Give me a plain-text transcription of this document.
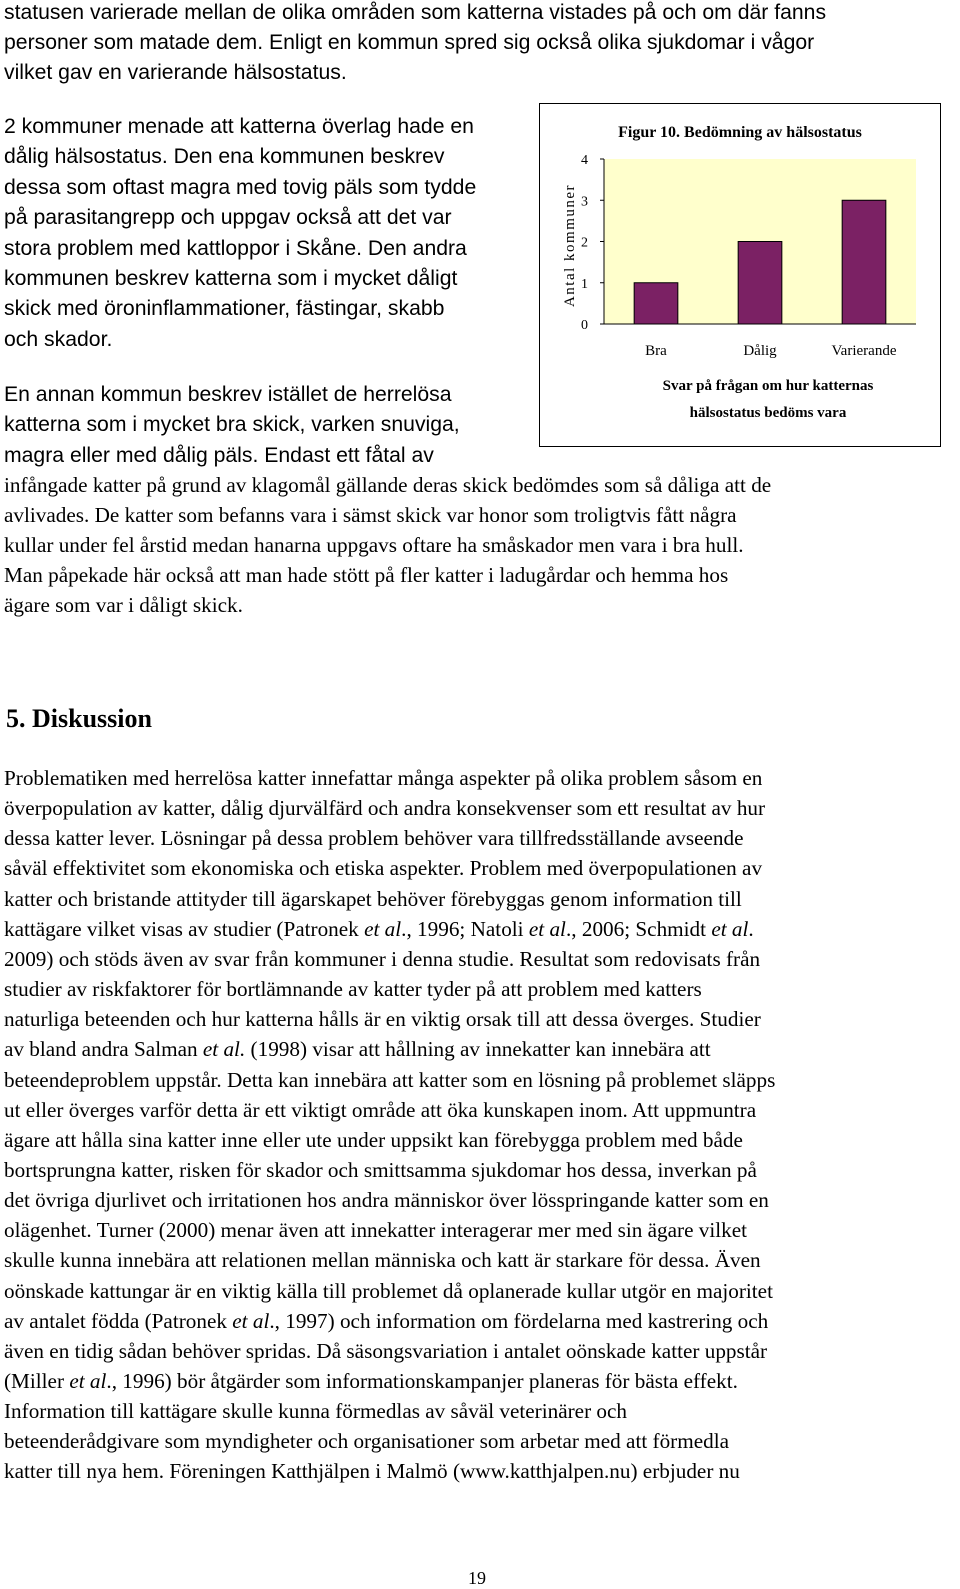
statusen varierade mellan de olika områden som katterna vistades på och om där fanns
personer som matade dem. Enligt en kommun spred sig också olika sjukdomar i vågor
vilket gav en varierande hälsostatus.
2 kommuner menade att katterna överlag hade en
dålig hälsostatus. Den ena kommunen beskrev
dessa som oftast magra med tovig päls som tydde
på parasitangrepp och uppgav också att det var
stora problem med kattloppor i Skåne. Den andra
kommunen beskrev katterna som i mycket dåligt
skick med öroninflammationer, fästingar, skabb
och skador.
En annan kommun beskrev istället de herrelösa
katterna som i mycket bra skick, varken snuviga,
magra eller med dålig päls. Endast ett fåtal av
infångade katter på grund av klagomål gällande deras skick bedömdes som så dåliga att de
avlivades. De katter som befanns vara i sämst skick var honor som troligtvis fått några
kullar under fel årstid medan hanarna uppgavs oftare ha småskador men vara i bra hull.
Man påpekade här också att man hade stött på fler katter i ladugårdar och hemma hos
ägare som var i dåligt skick.
Figur 10. Bedömning av hälsostatus
0
1
2
3
4
Antal kommuner
Bra	Dålig	Varierande
Svar på frågan om hur katternas
hälsostatus bedöms vara
5. Diskussion
Problematiken med herrelösa katter innefattar många aspekter på olika problem såsom en
överpopulation av katter, dålig djurvälfärd och andra konsekvenser som ett resultat av hur
dessa katter lever. Lösningar på dessa problem behöver vara tillfredsställande avseende
såväl effektivitet som ekonomiska och etiska aspekter. Problem med överpopulationen av
katter och bristande attityder till ägarskapet behöver förebyggas genom information till
kattägare vilket visas av studier (Patronek et al., 1996; Natoli et al., 2006; Schmidt et al.
2009) och stöds även av svar från kommuner i denna studie. Resultat som redovisats från
studier av riskfaktorer för bortlämnande av katter tyder på att problem med katters
naturliga beteenden och hur katterna hålls är en viktig orsak till att dessa överges. Studier
av bland andra Salman et al. (1998) visar att hållning av innekatter kan innebära att
beteendeproblem uppstår. Detta kan innebära att katter som en lösning på problemet släpps
ut eller överges varför detta är ett viktigt område att öka kunskapen inom. Att uppmuntra
ägare att hålla sina katter inne eller ute under uppsikt kan förebygga problem med både
bortsprungna katter, risken för skador och smittsamma sjukdomar hos dessa, inverkan på
det övriga djurlivet och irritationen hos andra människor över lösspringande katter som en
olägenhet. Turner (2000) menar även att innekatter interagerar mer med sin ägare vilket
skulle kunna innebära att relationen mellan människa och katt är starkare för dessa. Även
oönskade kattungar är en viktig källa till problemet då oplanerade kullar utgör en majoritet
av antalet födda (Patronek et al., 1997) och information om fördelarna med kastrering och
även en tidig sådan behöver spridas. Då säsongsvariation i antalet oönskade katter uppstår
(Miller et al., 1996) bör åtgärder som informationskampanjer planeras för bästa effekt.
Information till kattägare skulle kunna förmedlas av såväl veterinärer och
beteenderådgivare som myndigheter och organisationer som arbetar med att förmedla
katter till nya hem. Föreningen Katthjälpen i Malmö (www.katthjalpen.nu) erbjuder nu
19
